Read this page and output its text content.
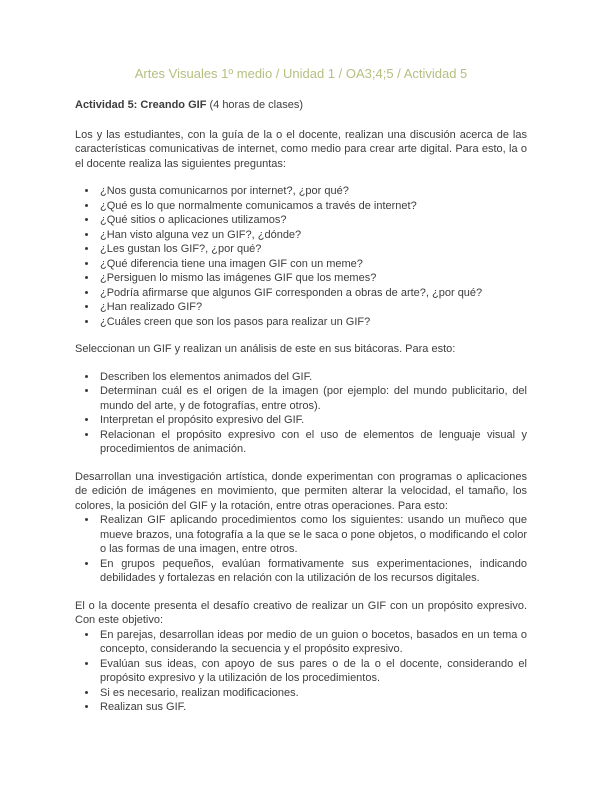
Artes Visuales 1º medio / Unidad 1 / OA3;4;5 / Actividad 5

Actividad 5: Creando GIF (4 horas de clases)

Los y las estudiantes, con la guía de la o el docente, realizan una discusión acerca de las características comunicativas de internet, como medio para crear arte digital. Para esto, la o el docente realiza las siguientes preguntas:

• ¿Nos gusta comunicarnos por internet?, ¿por qué?
• ¿Qué es lo que normalmente comunicamos a través de internet?
• ¿Qué sitios o aplicaciones utilizamos?
• ¿Han visto alguna vez un GIF?, ¿dónde?
• ¿Les gustan los GIF?, ¿por qué?
• ¿Qué diferencia tiene una imagen GIF con un meme?
• ¿Persiguen lo mismo las imágenes GIF que los memes?
• ¿Podría afirmarse que algunos GIF corresponden a obras de arte?, ¿por qué?
• ¿Han realizado GIF?
• ¿Cuáles creen que son los pasos para realizar un GIF?

Seleccionan un GIF y realizan un análisis de este en sus bitácoras. Para esto:

• Describen los elementos animados del GIF.
• Determinan cuál es el origen de la imagen (por ejemplo: del mundo publicitario, del mundo del arte, y de fotografías, entre otros).
• Interpretan el propósito expresivo del GIF.
• Relacionan el propósito expresivo con el uso de elementos de lenguaje visual y procedimientos de animación.

Desarrollan una investigación artística, donde experimentan con programas o aplicaciones de edición de imágenes en movimiento, que permiten alterar la velocidad, el tamaño, los colores, la posición del GIF y la rotación, entre otras operaciones. Para esto:

• Realizan GIF aplicando procedimientos como los siguientes: usando un muñeco que mueve brazos, una fotografía a la que se le saca o pone objetos, o modificando el color o las formas de una imagen, entre otros.
• En grupos pequeños, evalúan formativamente sus experimentaciones, indicando debilidades y fortalezas en relación con la utilización de los recursos digitales.

El o la docente presenta el desafío creativo de realizar un GIF con un propósito expresivo. Con este objetivo:

• En parejas, desarrollan ideas por medio de un guion o bocetos, basados en un tema o concepto, considerando la secuencia y el propósito expresivo.
• Evalúan sus ideas, con apoyo de sus pares o de la o el docente, considerando el propósito expresivo y la utilización de los procedimientos.
• Si es necesario, realizan modificaciones.
• Realizan sus GIF.
